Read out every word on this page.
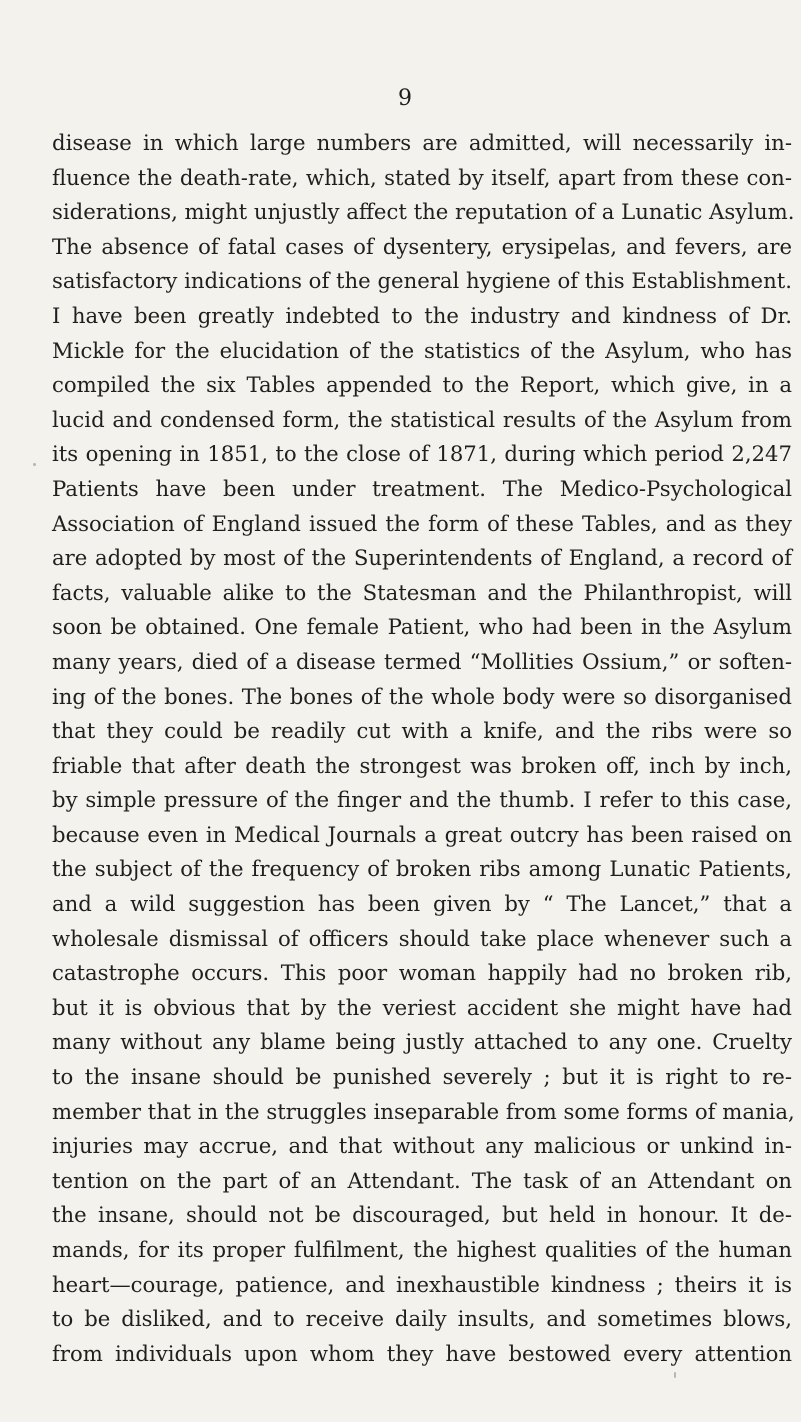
9
disease in which large numbers are admitted, will necessarily in-
fluence the death-rate, which, stated by itself, apart from these con-
siderations, might unjustly affect the reputation of a Lunatic Asylum.
The absence of fatal cases of dysentery, erysipelas, and fevers, are
satisfactory indications of the general hygiene of this Establishment.
I have been greatly indebted to the industry and kindness of Dr.
Mickle for the elucidation of the statistics of the Asylum, who has
compiled the six Tables appended to the Report, which give, in a
lucid and condensed form, the statistical results of the Asylum from
its opening in 1851, to the close of 1871, during which period 2,247
Patients have been under treatment. The Medico-Psychological
Association of England issued the form of these Tables, and as they
are adopted by most of the Superintendents of England, a record of
facts, valuable alike to the Statesman and the Philanthropist, will
soon be obtained. One female Patient, who had been in the Asylum
many years, died of a disease termed “Mollities Ossium,” or soften-
ing of the bones. The bones of the whole body were so disorganised
that they could be readily cut with a knife, and the ribs were so
friable that after death the strongest was broken off, inch by inch,
by simple pressure of the finger and the thumb. I refer to this case,
because even in Medical Journals a great outcry has been raised on
the subject of the frequency of broken ribs among Lunatic Patients,
and a wild suggestion has been given by “ The Lancet,” that a
wholesale dismissal of officers should take place whenever such a
catastrophe occurs. This poor woman happily had no broken rib,
but it is obvious that by the veriest accident she might have had
many without any blame being justly attached to any one. Cruelty
to the insane should be punished severely ; but it is right to re-
member that in the struggles inseparable from some forms of mania,
injuries may accrue, and that without any malicious or unkind in-
tention on the part of an Attendant. The task of an Attendant on
the insane, should not be discouraged, but held in honour. It de-
mands, for its proper fulfilment, the highest qualities of the human
heart—courage, patience, and inexhaustible kindness ; theirs it is
to be disliked, and to receive daily insults, and sometimes blows,
from individuals upon whom they have bestowed every attention
